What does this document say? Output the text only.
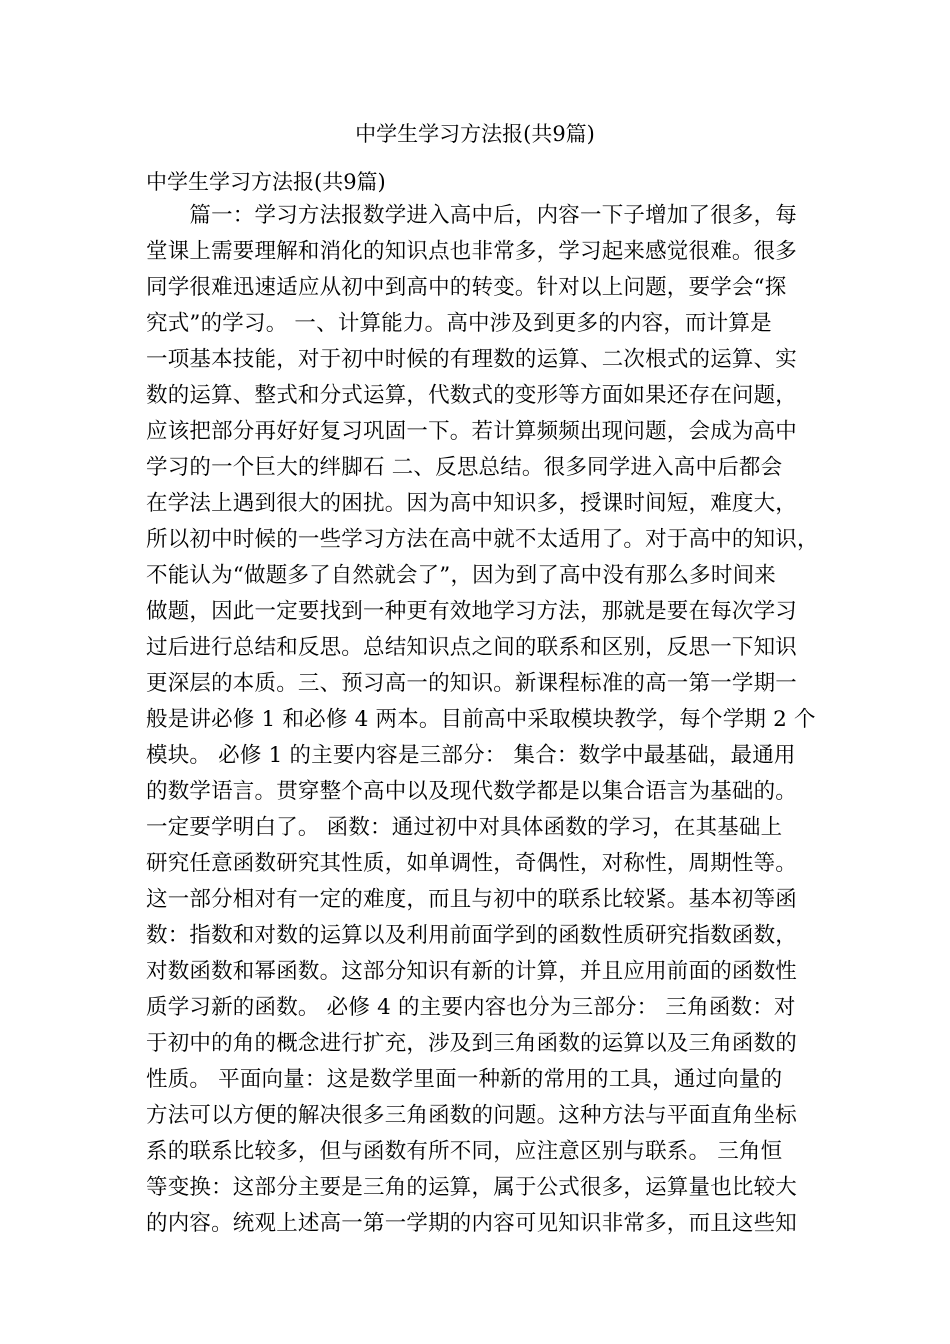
中学生学习方法报(共9篇)

中学生学习方法报(共9篇)

　　篇一：学习方法报数学进入高中后，内容一下子增加了很多，每
堂课上需要理解和消化的知识点也非常多，学习起来感觉很难。很多
同学很难迅速适应从初中到高中的转变。针对以上问题，要学会“探
究式”的学习。 一、计算能力。高中涉及到更多的内容，而计算是
一项基本技能，对于初中时候的有理数的运算、二次根式的运算、实
数的运算、整式和分式运算，代数式的变形等方面如果还存在问题，
应该把部分再好好复习巩固一下。若计算频频出现问题，会成为高中
学习的一个巨大的绊脚石 二、反思总结。很多同学进入高中后都会
在学法上遇到很大的困扰。因为高中知识多，授课时间短，难度大，
所以初中时候的一些学习方法在高中就不太适用了。对于高中的知识，
不能认为“做题多了自然就会了”，因为到了高中没有那么多时间来
做题，因此一定要找到一种更有效地学习方法，那就是要在每次学习
过后进行总结和反思。总结知识点之间的联系和区别，反思一下知识
更深层的本质。三、预习高一的知识。新课程标准的高一第一学期一
般是讲必修 1 和必修 4 两本。目前高中采取模块教学，每个学期 2 个
模块。 必修 1 的主要内容是三部分： 集合：数学中最基础，最通用
的数学语言。贯穿整个高中以及现代数学都是以集合语言为基础的。
一定要学明白了。 函数：通过初中对具体函数的学习，在其基础上
研究任意函数研究其性质，如单调性，奇偶性，对称性，周期性等。
这一部分相对有一定的难度，而且与初中的联系比较紧。基本初等函
数：指数和对数的运算以及利用前面学到的函数性质研究指数函数，
对数函数和幂函数。这部分知识有新的计算，并且应用前面的函数性
质学习新的函数。 必修 4 的主要内容也分为三部分： 三角函数：对
于初中的角的概念进行扩充，涉及到三角函数的运算以及三角函数的
性质。 平面向量：这是数学里面一种新的常用的工具，通过向量的
方法可以方便的解决很多三角函数的问题。这种方法与平面直角坐标
系的联系比较多，但与函数有所不同，应注意区别与联系。 三角恒
等变换：这部分主要是三角的运算，属于公式很多，运算量也比较大
的内容。统观上述高一第一学期的内容可见知识非常多，而且这些知
